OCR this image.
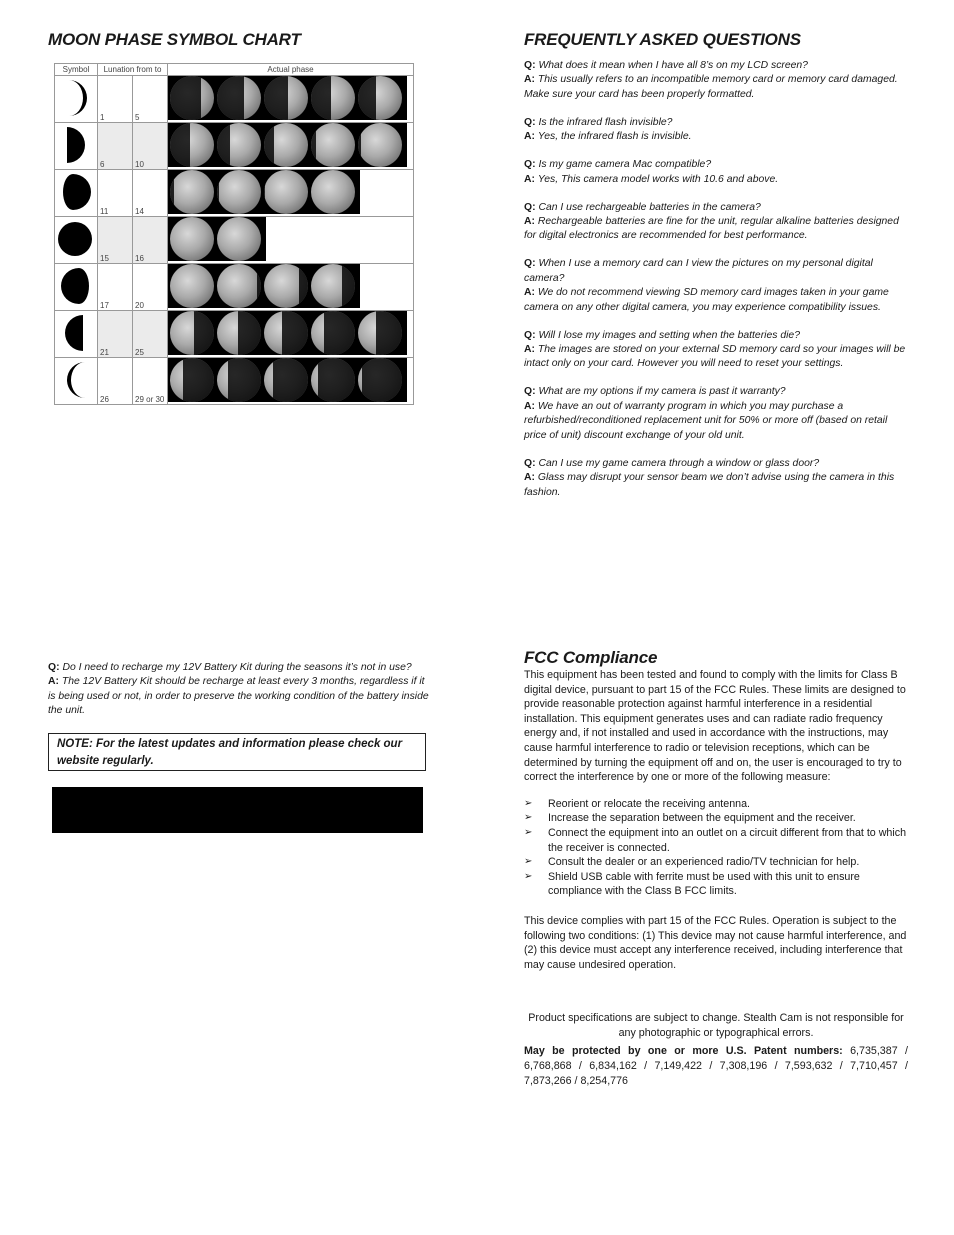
MOON PHASE SYMBOL CHART
Symbol	Lunation from to		Actual phase

1	5	

6	10	

11	14	

15	16	

17	20	

21	25	

26	29 or 30	

Q: Do I need to recharge my 12V Battery Kit during the seasons it’s not in use?
A: The 12V Battery Kit should be recharge at least every 3 months, regardless if it is being used or not, in order to preserve the working condition of the battery inside the unit.
NOTE: For the latest updates and information please check our website regularly.
FREQUENTLY ASKED QUESTIONS

Q: What does it mean when I have all 8’s on my LCD screen?
A: This usually refers to an incompatible memory card or memory card damaged. Make sure your card has been properly formatted.

Q: Is the infrared flash invisible?
A: Yes, the infrared flash is invisible.

Q: Is my game camera Mac compatible?
A: Yes, This camera model works with 10.6 and above.

Q: Can I use rechargeable batteries in the camera?
A: Rechargeable batteries are fine for the unit, regular alkaline batteries designed for digital electronics are recommended for best performance.

Q: When I use a memory card can I view the pictures on my personal digital camera?
A: We do not recommend viewing SD memory card images taken in your game camera on any other digital camera, you may experience compatibility issues.

Q: Will I lose my images and setting when the batteries die?
A: The images are stored on your external SD memory card so your images will be intact only on your card. However you will need to reset your settings.

Q: What are my options if my camera is past it warranty?
A: We have an out of warranty program in which you may purchase a refurbished/reconditioned replacement unit for 50% or more off (based on retail price of unit) discount exchange of your old unit.

Q: Can I use my game camera through a window or glass door?
A: Glass may disrupt your sensor beam we don’t advise using the camera in this fashion.

FCC Compliance
This equipment has been tested and found to comply with the limits for Class B digital device, pursuant to part 15 of the FCC Rules. These limits are designed to provide reasonable protection against harmful interference in a residential installation. This equipment generates uses and can radiate radio frequency energy and, if not installed and used in accordance with the instructions, may cause harmful interference to radio or television receptions, which can be determined by turning the equipment off and on, the user is encouraged to try to correct the interference by one or more of the following measure:
➢ Reorient or relocate the receiving antenna.
➢ Increase the separation between the equipment and the receiver.
➢ Connect the equipment into an outlet on a circuit different from that to which the receiver is connected.
➢ Consult the dealer or an experienced radio/TV technician for help.
➢ Shield USB cable with ferrite must be used with this unit to ensure compliance with the Class B FCC limits.
This device complies with part 15 of the FCC Rules. Operation is subject to the following two conditions: (1) This device may not cause harmful interference, and (2) this device must accept any interference received, including interference that may cause undesired operation.
Product specifications are subject to change. Stealth Cam is not responsible for any photographic or typographical errors.
May be protected by one or more U.S. Patent numbers: 6,735,387 / 6,768,868 / 6,834,162 / 7,149,422 / 7,308,196 / 7,593,632 / 7,710,457 / 7,873,266 / 8,254,776
